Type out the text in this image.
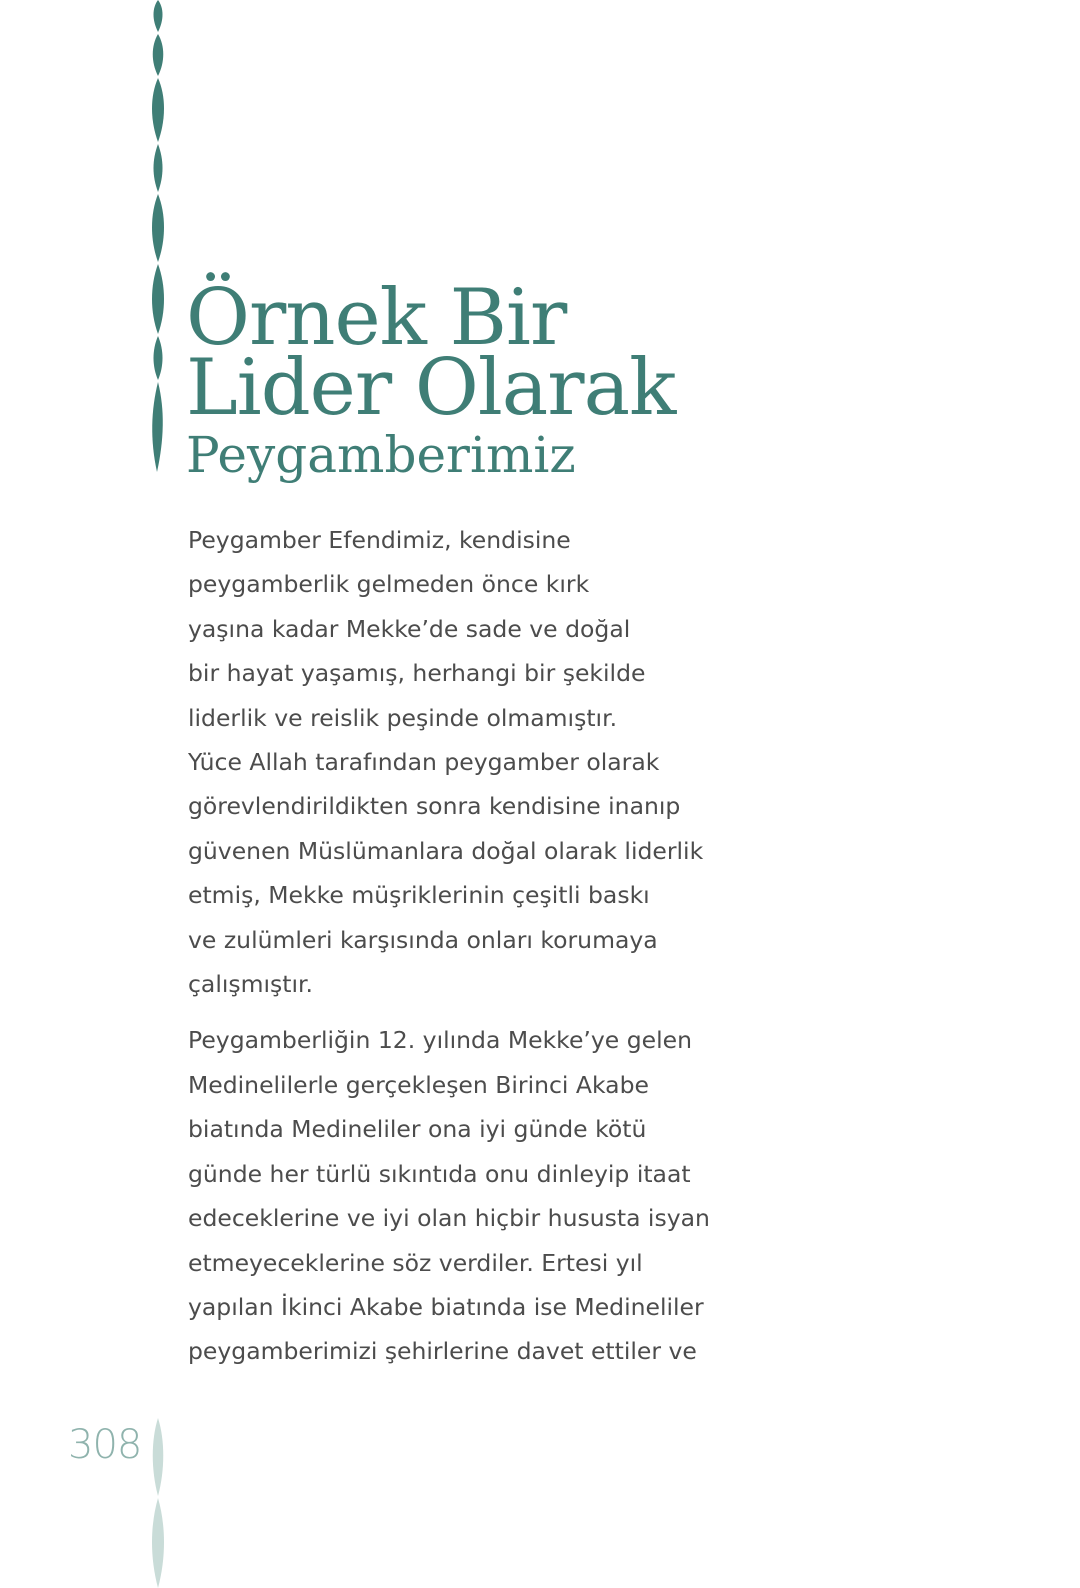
Örnek Bir
Lider Olarak
Peygamberimiz
Peygamber Efendimiz, kendisine
peygamberlik gelmeden önce kırk
yaşına kadar Mekke’de sade ve doğal
bir hayat yaşamış, herhangi bir şekilde
liderlik ve reislik peşinde olmamıştır.
Yüce Allah tarafından peygamber olarak
görevlendirildikten sonra kendisine inanıp
güvenen Müslümanlara doğal olarak liderlik
etmiş, Mekke müşriklerinin çeşitli baskı
ve zulümleri karşısında onları korumaya
çalışmıştır.
Peygamberliğin 12. yılında Mekke’ye gelen
Medinelilerle gerçekleşen Birinci Akabe
biatında Medineliler ona iyi günde kötü
günde her türlü sıkıntıda onu dinleyip itaat
edeceklerine ve iyi olan hiçbir hususta isyan
etmeyeceklerine söz verdiler. Ertesi yıl
yapılan İkinci Akabe biatında ise Medineliler
peygamberimizi şehirlerine davet ettiler ve
308
